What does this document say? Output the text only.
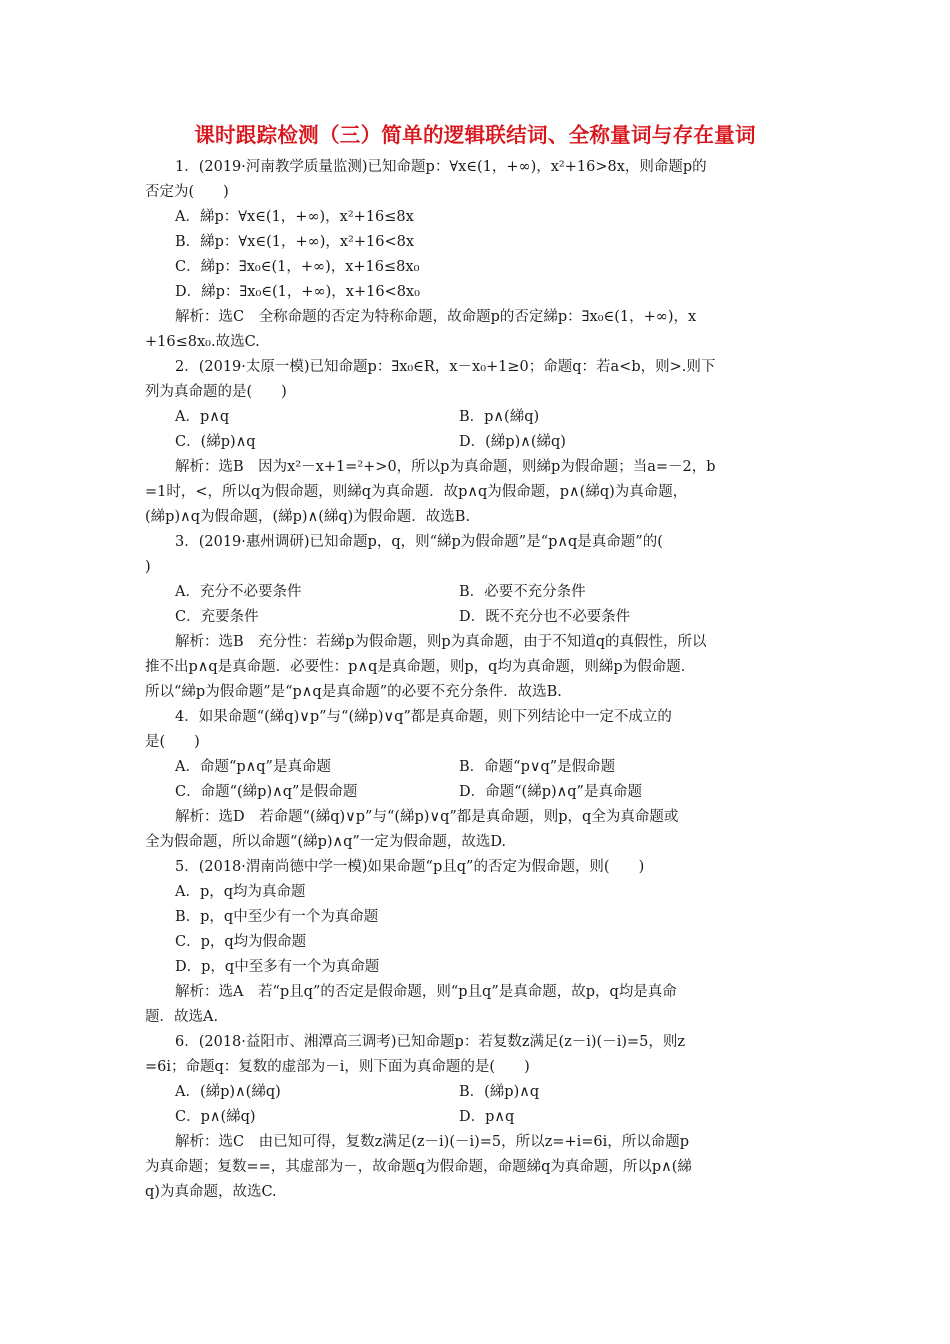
课时跟踪检测（三）简单的逻辑联结词、全称量词与存在量词
1．(2019·河南教学质量监测)已知命题p：∀x∈(1，+∞)，x²+16>8x，则命题p的
否定为(　　)
A．綈p：∀x∈(1，+∞)，x²+16≤8x
B．綈p：∀x∈(1，+∞)，x²+16<8x
C．綈p：∃x₀∈(1，+∞)，x+16≤8x₀
D．綈p：∃x₀∈(1，+∞)，x+16<8x₀
解析：选C　全称命题的否定为特称命题，故命题p的否定綈p：∃x₀∈(1，+∞)，x
+16≤8x₀.故选C.
2．(2019·太原一模)已知命题p：∃x₀∈R，x－x₀+1≥0；命题q：若a<b，则>.则下
列为真命题的是(　　)
A．p∧q	B．p∧(綈q)
C．(綈p)∧q	D．(綈p)∧(綈q)
解析：选B　因为x²－x+1=²+>0，所以p为真命题，则綈p为假命题；当a=－2，b
=1时，<，所以q为假命题，则綈q为真命题．故p∧q为假命题，p∧(綈q)为真命题，
(綈p)∧q为假命题，(綈p)∧(綈q)为假命题．故选B.
3．(2019·惠州调研)已知命题p，q，则“綈p为假命题”是“p∧q是真命题”的(
)
A．充分不必要条件	B．必要不充分条件
C．充要条件	D．既不充分也不必要条件
解析：选B　充分性：若綈p为假命题，则p为真命题，由于不知道q的真假性，所以
推不出p∧q是真命题．必要性：p∧q是真命题，则p，q均为真命题，则綈p为假命题．
所以“綈p为假命题”是“p∧q是真命题”的必要不充分条件．故选B.
4．如果命题“(綈q)∨p”与“(綈p)∨q”都是真命题，则下列结论中一定不成立的
是(　　)
A．命题“p∧q”是真命题	B．命题“p∨q”是假命题
C．命题“(綈p)∧q”是假命题	D．命题“(綈p)∧q”是真命题
解析：选D　若命题“(綈q)∨p”与“(綈p)∨q”都是真命题，则p，q全为真命题或
全为假命题，所以命题“(綈p)∧q”一定为假命题，故选D.
5．(2018·渭南尚德中学一模)如果命题“p且q”的否定为假命题，则(　　)
A．p，q均为真命题
B．p，q中至少有一个为真命题
C．p，q均为假命题
D．p，q中至多有一个为真命题
解析：选A　若“p且q”的否定是假命题，则“p且q”是真命题，故p，q均是真命
题．故选A.
6．(2018·益阳市、湘潭高三调考)已知命题p：若复数z满足(z－i)(－i)=5，则z
=6i；命题q：复数的虚部为－i，则下面为真命题的是(　　)
A．(綈p)∧(綈q)	B．(綈p)∧q
C．p∧(綈q)	D．p∧q
解析：选C　由已知可得，复数z满足(z－i)(－i)=5，所以z=+i=6i，所以命题p
为真命题；复数==，其虚部为－，故命题q为假命题，命题綈q为真命题，所以p∧(綈
q)为真命题，故选C.
